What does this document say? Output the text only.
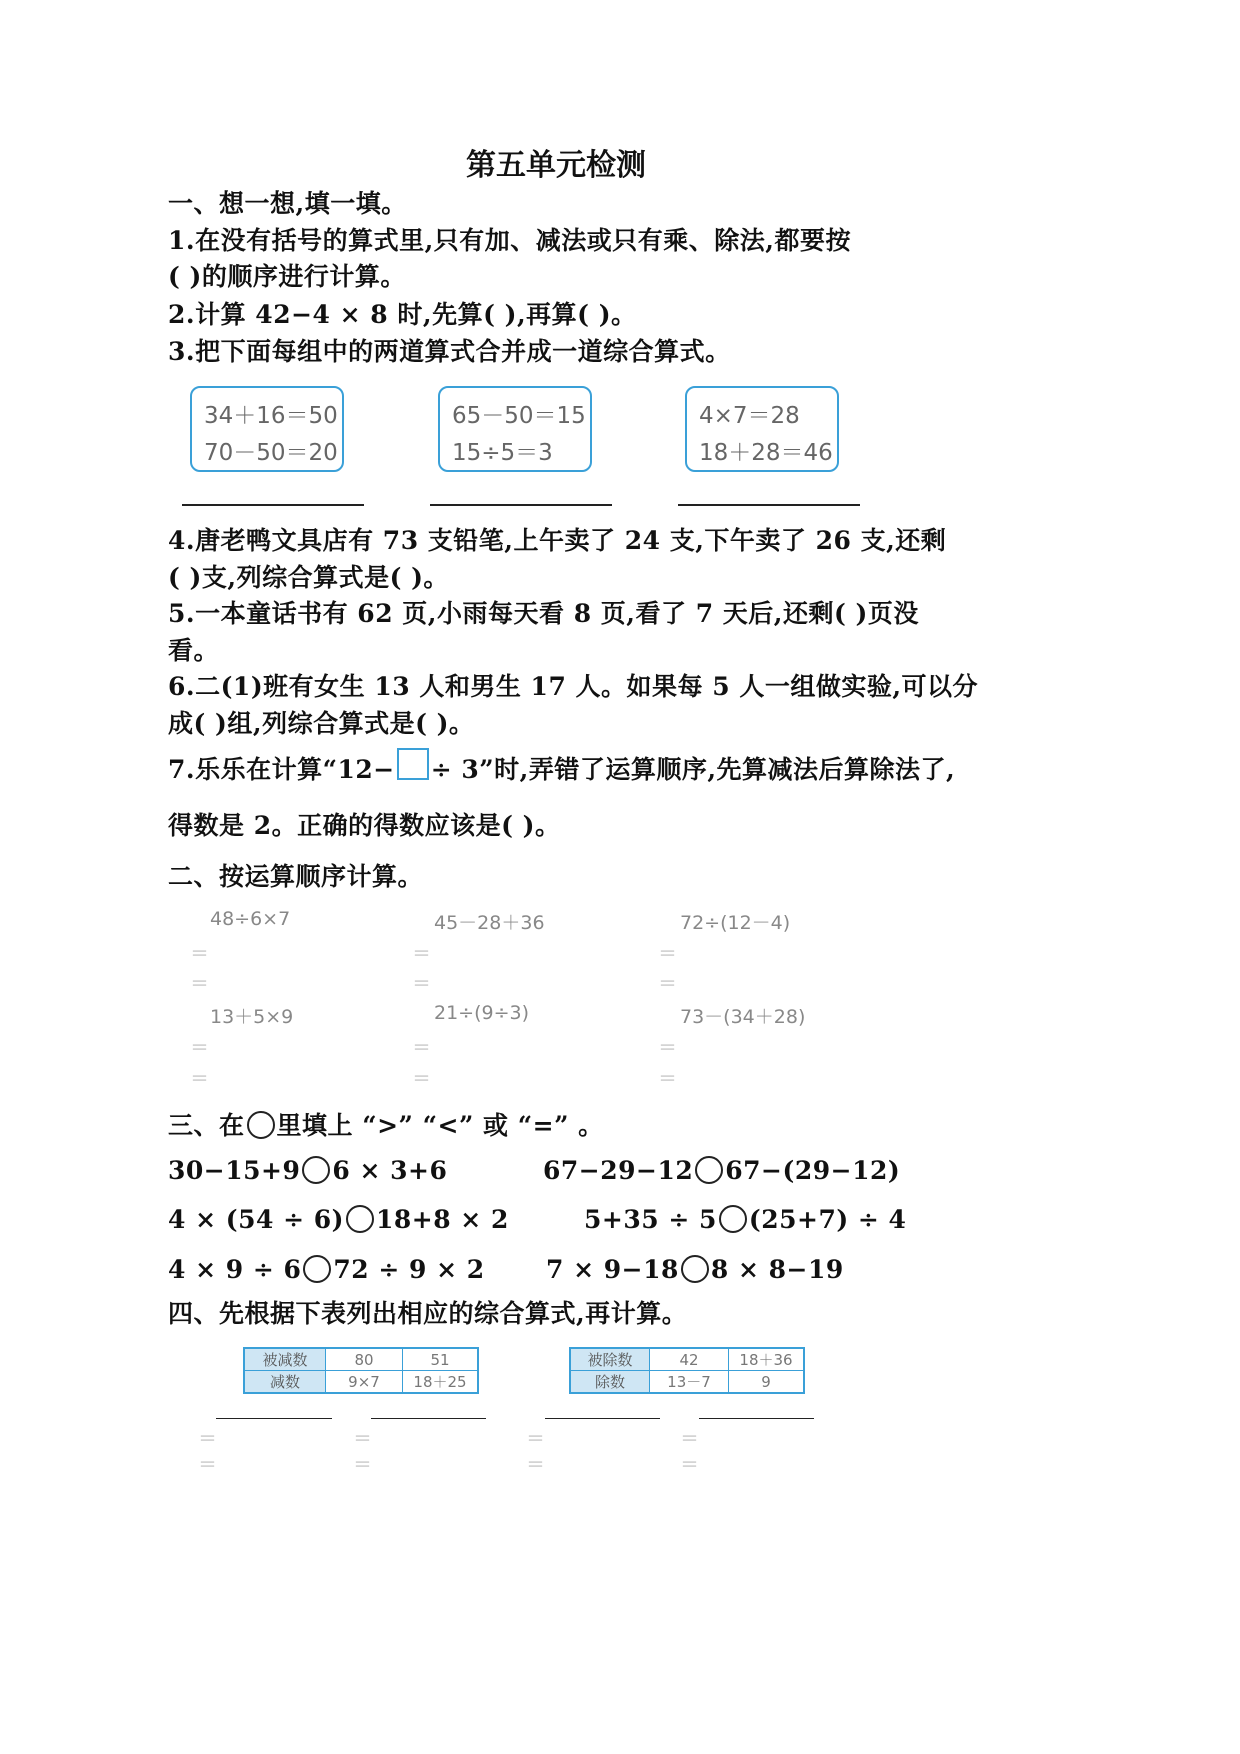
第五单元检测
一、想一想,填一填。
1.在没有括号的算式里,只有加、减法或只有乘、除法,都要按
( )的顺序进行计算。
2.计算 42−4 × 8 时,先算( ),再算( )。
3.把下面每组中的两道算式合并成一道综合算式。
34＋16＝50
70－50＝20
65－50＝15
15÷5＝3
4×7＝28
18＋28＝46
4.唐老鸭文具店有 73 支铅笔,上午卖了 24 支,下午卖了 26 支,还剩
( )支,列综合算式是( )。
5.一本童话书有 62 页,小雨每天看 8 页,看了 7 天后,还剩( )页没
看。
6.二(1)班有女生 13 人和男生 17 人。如果每 5 人一组做实验,可以分
成( )组,列综合算式是( )。
7.乐乐在计算“12− ÷ 3”时,弄错了运算顺序,先算减法后算除法了,
得数是 2。正确的得数应该是( )。
二、按运算顺序计算。
48÷6×7	45－28＋36	72÷(12－4)
＝	＝	＝
＝	＝	＝
13＋5×9	21÷(9÷3)	73－(34＋28)
＝	＝	＝
＝	＝	＝
三、在 里填上 “>” “<” 或 “=” 。
30−15+9 6 × 3+6	67−29−12 67−(29−12)
4 × (54 ÷ 6) 18+8 × 2	5+35 ÷ 5 (25+7) ÷ 4
4 × 9 ÷ 6 72 ÷ 9 × 2 7 × 9−18 8 × 8−19
四、先根据下表列出相应的综合算式,再计算。
被减数	80	51
减数	9×7	18＋25
被除数	42	18＋36
除数	13－7	9
＝	＝	＝	＝
＝	＝	＝	＝
